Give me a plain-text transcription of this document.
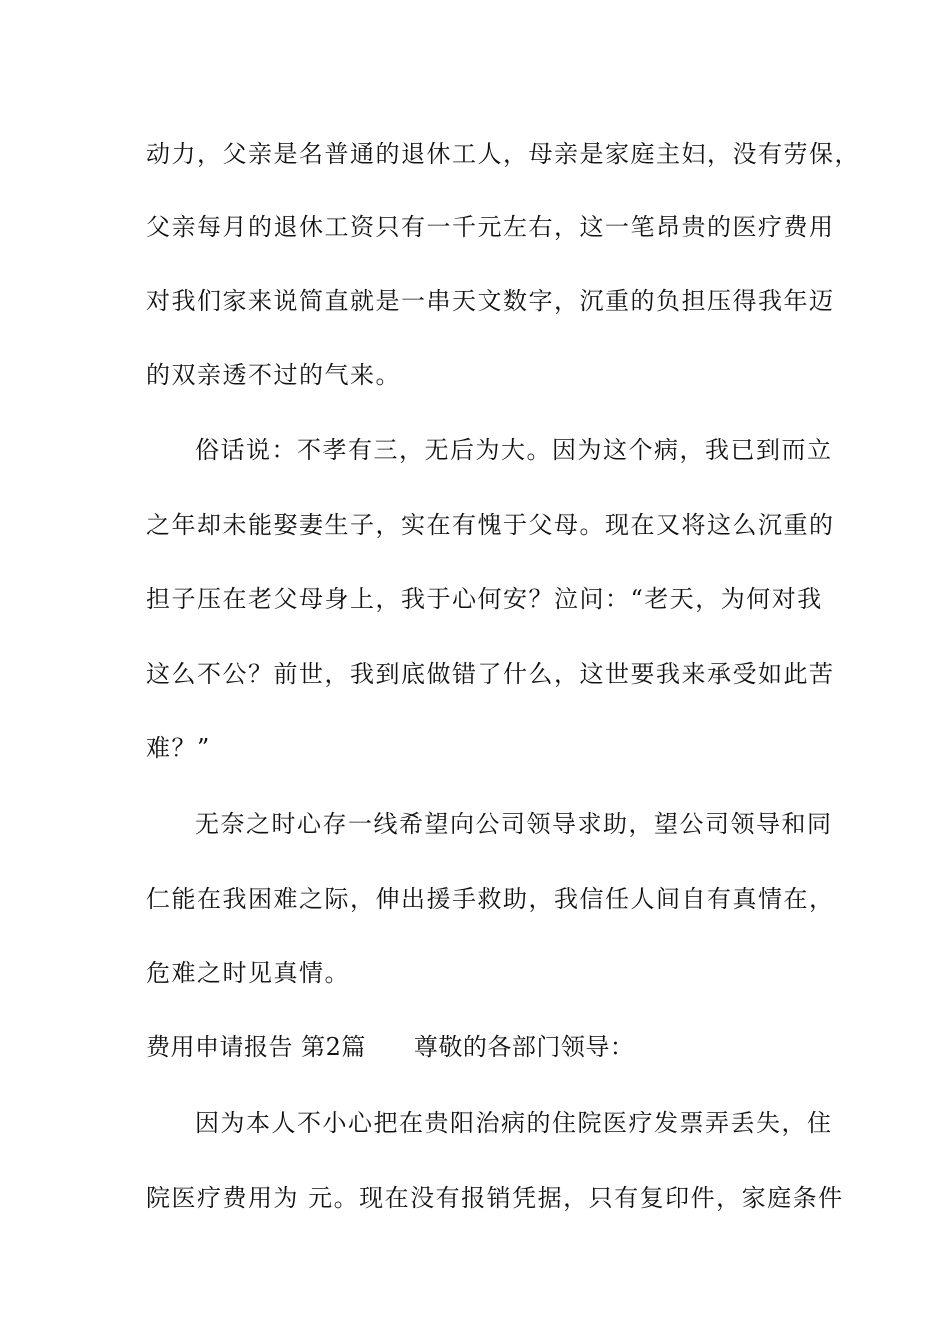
动力，父亲是名普通的退休工人，母亲是家庭主妇，没有劳保，
父亲每月的退休工资只有一千元左右，这一笔昂贵的医疗费用
对我们家来说简直就是一串天文数字，沉重的负担压得我年迈
的双亲透不过的气来。
俗话说：不孝有三，无后为大。因为这个病，我已到而立
之年却未能娶妻生子，实在有愧于父母。现在又将这么沉重的
担子压在老父母身上，我于心何安？泣问：“老天，为何对我
这么不公？前世，我到底做错了什么，这世要我来承受如此苦
难？”
无奈之时心存一线希望向公司领导求助，望公司领导和同
仁能在我困难之际，伸出援手救助，我信任人间自有真情在，
危难之时见真情。
费用申请报告 第2篇 尊敬的各部门领导：
因为本人不小心把在贵阳治病的住院医疗发票弄丢失，住
院医疗费用为 元。现在没有报销凭据，只有复印件，家庭条件
